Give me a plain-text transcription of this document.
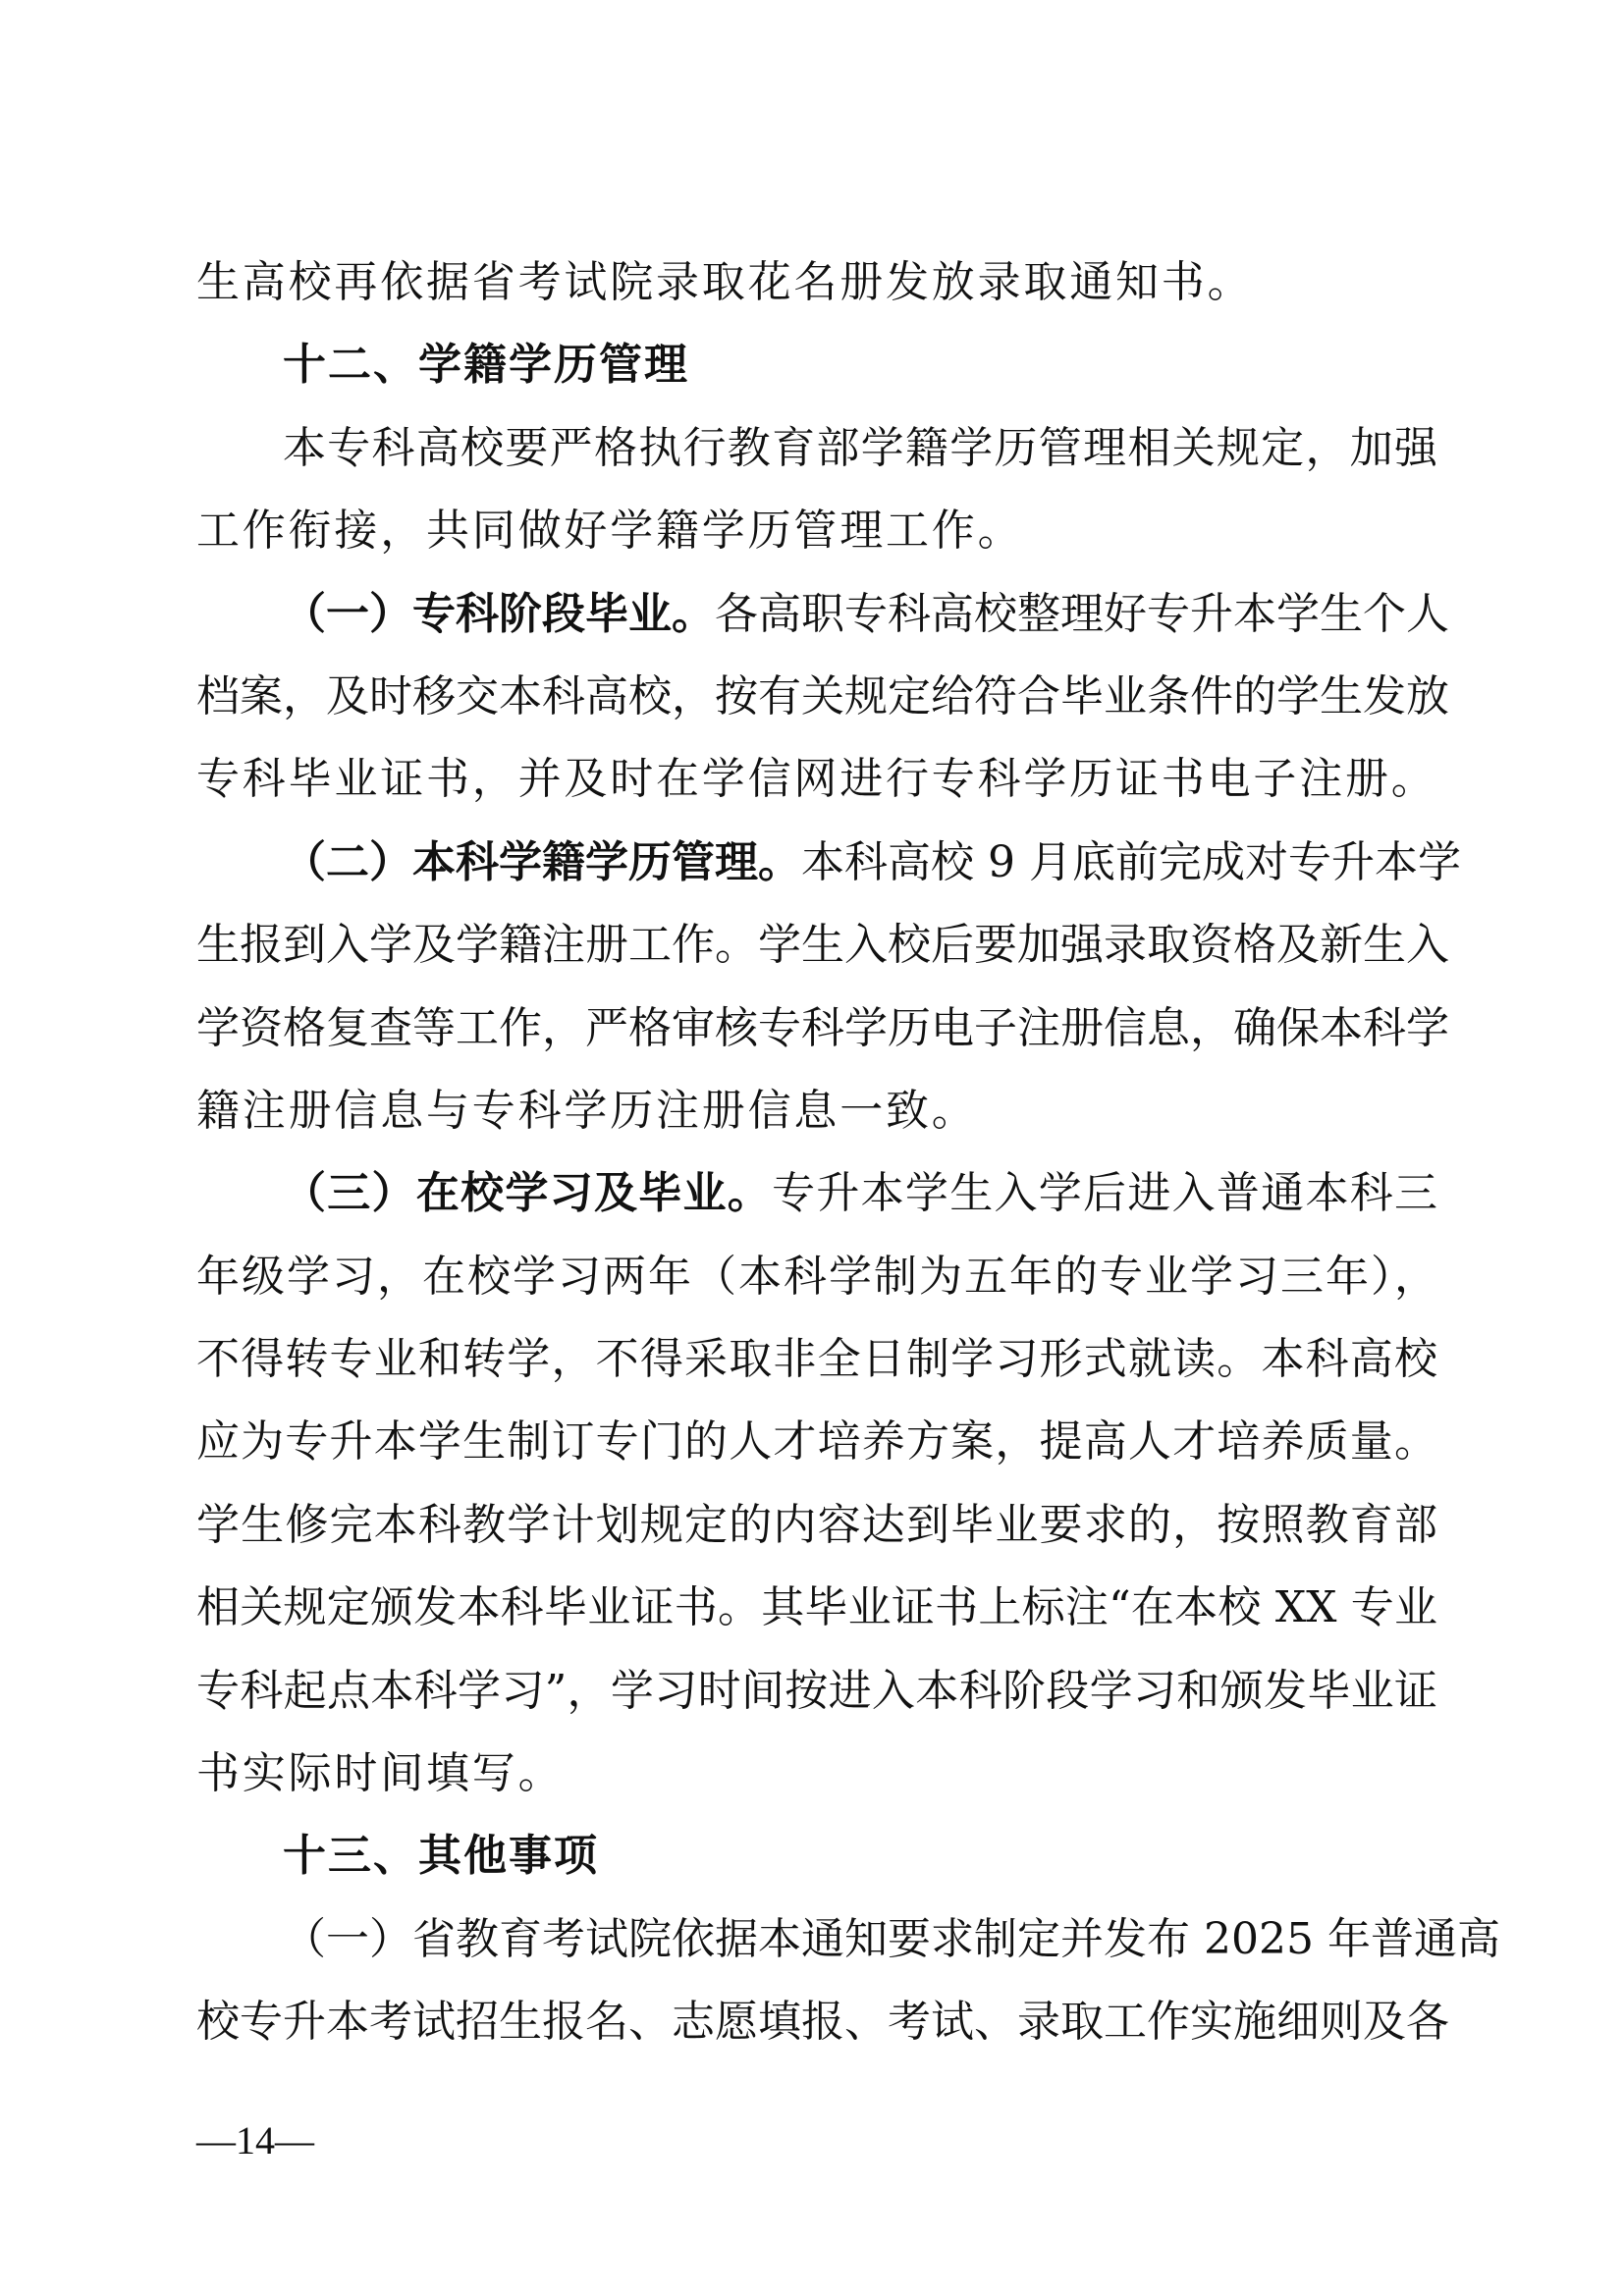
生高校再依据省考试院录取花名册发放录取通知书。
十二、学籍学历管理
本专科高校要严格执行教育部学籍学历管理相关规定，加强
工作衔接，共同做好学籍学历管理工作。
（一）专科阶段毕业。各高职专科高校整理好专升本学生个人
档案，及时移交本科高校，按有关规定给符合毕业条件的学生发放
专科毕业证书，并及时在学信网进行专科学历证书电子注册。
（二）本科学籍学历管理。本科高校 9 月底前完成对专升本学
生报到入学及学籍注册工作。学生入校后要加强录取资格及新生入
学资格复查等工作，严格审核专科学历电子注册信息，确保本科学
籍注册信息与专科学历注册信息一致。
（三）在校学习及毕业。专升本学生入学后进入普通本科三
年级学习，在校学习两年（本科学制为五年的专业学习三年），
不得转专业和转学，不得采取非全日制学习形式就读。本科高校
应为专升本学生制订专门的人才培养方案，提高人才培养质量。
学生修完本科教学计划规定的内容达到毕业要求的，按照教育部
相关规定颁发本科毕业证书。其毕业证书上标注“在本校 XX 专业
专科起点本科学习”，学习时间按进入本科阶段学习和颁发毕业证
书实际时间填写。
十三、其他事项
（一）省教育考试院依据本通知要求制定并发布 2025 年普通高
校专升本考试招生报名、志愿填报、考试、录取工作实施细则及各
—14—
